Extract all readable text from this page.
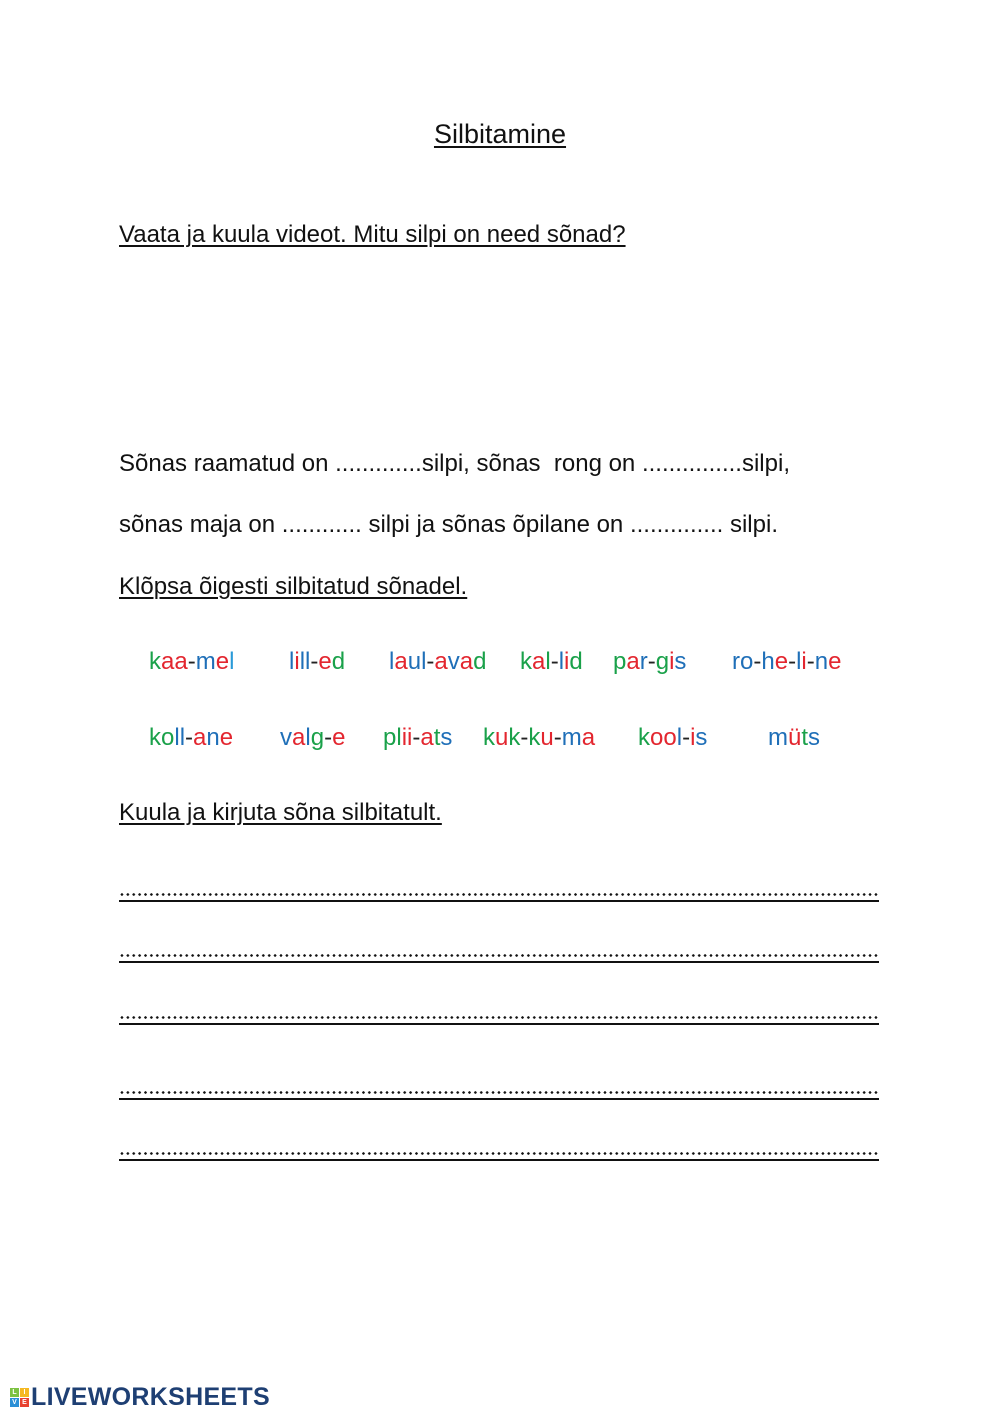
Silbitamine
Vaata ja kuula videot. Mitu silpi on need sõnad?
Sõnas raamatud on .............silpi, sõnas  rong on ...............silpi,
sõnas maja on ............ silpi ja sõnas õpilane on .............. silpi.
Klõpsa õigesti silbitatud sõnadel.
kaa-mel lill-ed laul-avad kal-lid par-gis ro-he-li-ne
koll-ane valg-e plii-ats kuk-ku-ma kool-is	müts
Kuula ja kirjuta sõna silbitatult.
L I
V E LIVEWORKSHEETS
